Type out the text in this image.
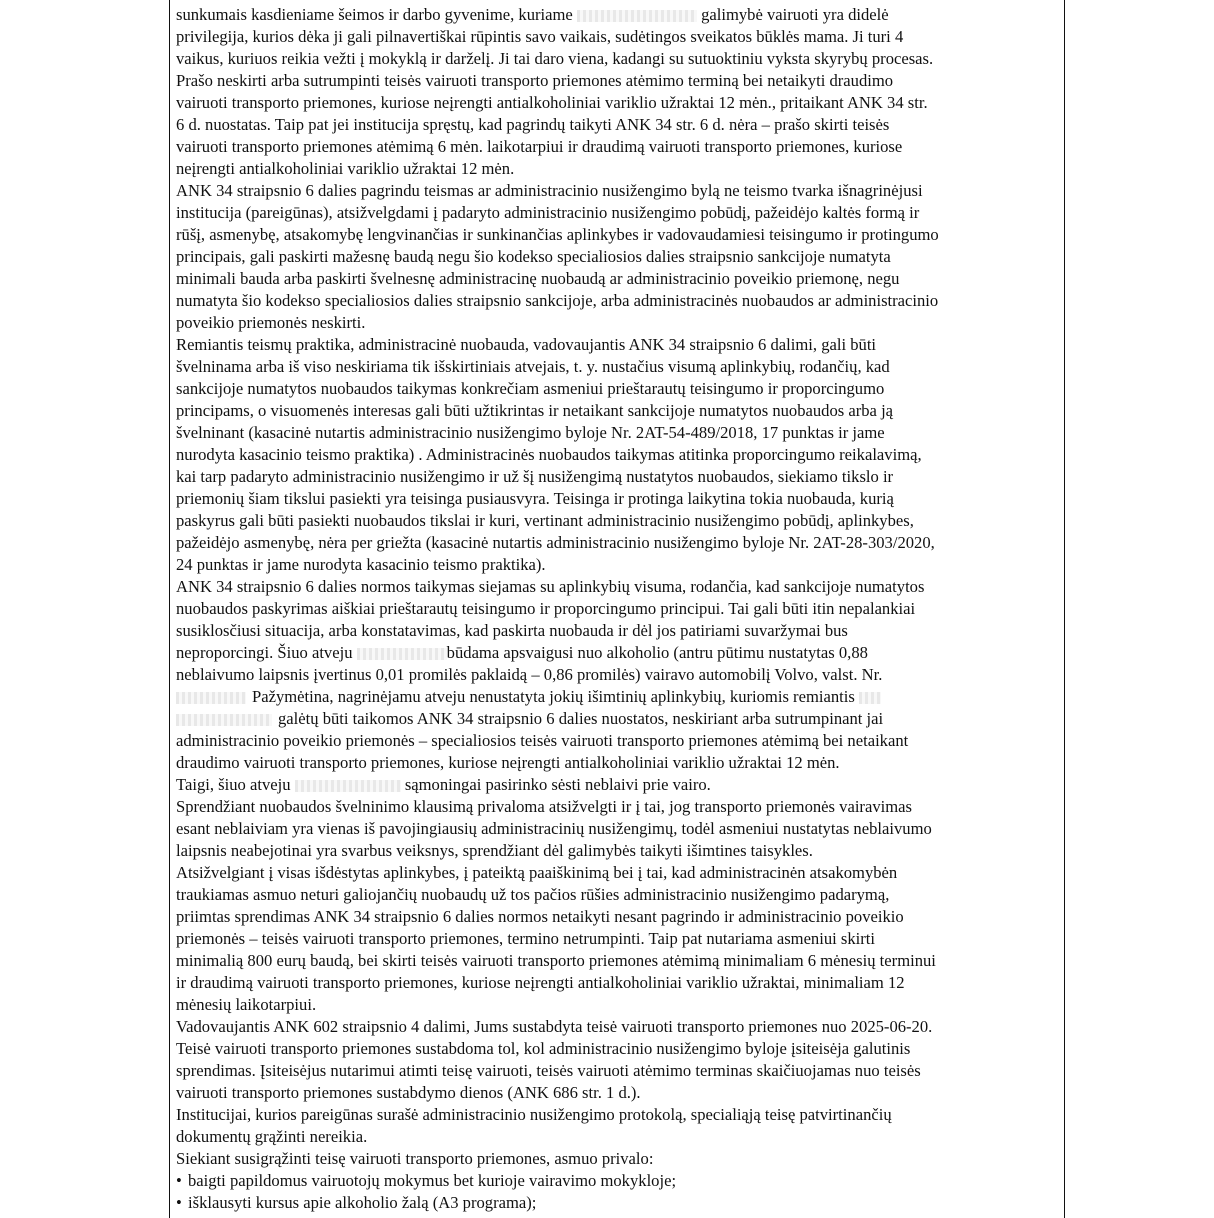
sunkumais kasdieniame šeimos ir darbo gyvenime, kuriame	galimybė vairuoti yra didelė
privilegija, kurios dėka ji gali pilnavertiškai rūpintis savo vaikais, sudėtingos sveikatos būklės mama. Ji turi 4
vaikus, kuriuos reikia vežti į mokyklą ir darželį. Ji tai daro viena, kadangi su sutuoktiniu vyksta skyrybų procesas.
Prašo neskirti arba sutrumpinti teisės vairuoti transporto priemones atėmimo terminą bei netaikyti draudimo
vairuoti transporto priemones, kuriose neįrengti antialkoholiniai variklio užraktai 12 mėn., pritaikant ANK 34 str.
6 d. nuostatas. Taip pat jei institucija spręstų, kad pagrindų taikyti ANK 34 str. 6 d. nėra – prašo skirti teisės
vairuoti transporto priemones atėmimą 6 mėn. laikotarpiui ir draudimą vairuoti transporto priemones, kuriose
neįrengti antialkoholiniai variklio užraktai 12 mėn.

ANK 34 straipsnio 6 dalies pagrindu teismas ar administracinio nusižengimo bylą ne teismo tvarka išnagrinėjusi
institucija (pareigūnas), atsižvelgdami į padaryto administracinio nusižengimo pobūdį, pažeidėjo kaltės formą ir
rūšį, asmenybę, atsakomybę lengvinančias ir sunkinančias aplinkybes ir vadovaudamiesi teisingumo ir protingumo
principais, gali paskirti mažesnę baudą negu šio kodekso specialiosios dalies straipsnio sankcijoje numatyta
minimali bauda arba paskirti švelnesnę administracinę nuobaudą ar administracinio poveikio priemonę, negu
numatyta šio kodekso specialiosios dalies straipsnio sankcijoje, arba administracinės nuobaudos ar administracinio
poveikio priemonės neskirti.

Remiantis teismų praktika, administracinė nuobauda, vadovaujantis ANK 34 straipsnio 6 dalimi, gali būti
švelninama arba iš viso neskiriama tik išskirtiniais atvejais, t. y. nustačius visumą aplinkybių, rodančių, kad
sankcijoje numatytos nuobaudos taikymas konkrečiam asmeniui prieštarautų teisingumo ir proporcingumo
principams, o visuomenės interesas gali būti užtikrintas ir netaikant sankcijoje numatytos nuobaudos arba ją
švelninant (kasacinė nutartis administracinio nusižengimo byloje Nr. 2AT-54-489/2018, 17 punktas ir jame
nurodyta kasacinio teismo praktika) . Administracinės nuobaudos taikymas atitinka proporcingumo reikalavimą,
kai tarp padaryto administracinio nusižengimo ir už šį nusižengimą nustatytos nuobaudos, siekiamo tikslo ir
priemonių šiam tikslui pasiekti yra teisinga pusiausvyra. Teisinga ir protinga laikytina tokia nuobauda, kurią
paskyrus gali būti pasiekti nuobaudos tikslai ir kuri, vertinant administracinio nusižengimo pobūdį, aplinkybes,
pažeidėjo asmenybę, nėra per griežta (kasacinė nutartis administracinio nusižengimo byloje Nr. 2AT-28-303/2020,
24 punktas ir jame nurodyta kasacinio teismo praktika).

ANK 34 straipsnio 6 dalies normos taikymas siejamas su aplinkybių visuma, rodančia, kad sankcijoje numatytos
nuobaudos paskyrimas aiškiai prieštarautų teisingumo ir proporcingumo principui. Tai gali būti itin nepalankiai
susiklosčiusi situacija, arba konstatavimas, kad paskirta nuobauda ir dėl jos patiriami suvaržymai bus
neproporcingi. Šiuo atveju	būdama apsvaigusi nuo alkoholio (antru pūtimu nustatytas 0,88
neblaivumo laipsnis įvertinus 0,01 promilės paklaidą – 0,86 promilės) vairavo automobilį Volvo, valst. Nr.
Pažymėtina, nagrinėjamu atveju nenustatyta jokių išimtinių aplinkybių, kuriomis remiantis
galėtų būti taikomos ANK 34 straipsnio 6 dalies nuostatos, neskiriant arba sutrumpinant jai
administracinio poveikio priemonės – specialiosios teisės vairuoti transporto priemones atėmimą bei netaikant
draudimo vairuoti transporto priemones, kuriose neįrengti antialkoholiniai variklio užraktai 12 mėn.

Taigi, šiuo atveju	sąmoningai pasirinko sėsti neblaivi prie vairo.

Sprendžiant nuobaudos švelninimo klausimą privaloma atsižvelgti ir į tai, jog transporto priemonės vairavimas
esant neblaiviam yra vienas iš pavojingiausių administracinių nusižengimų, todėl asmeniui nustatytas neblaivumo
laipsnis neabejotinai yra svarbus veiksnys, sprendžiant dėl galimybės taikyti išimtines taisykles.

Atsižvelgiant į visas išdėstytas aplinkybes, į pateiktą paaiškinimą bei į tai, kad administracinėn atsakomybėn
traukiamas asmuo neturi galiojančių nuobaudų už tos pačios rūšies administracinio nusižengimo padarymą,
priimtas sprendimas ANK 34 straipsnio 6 dalies normos netaikyti nesant pagrindo ir administracinio poveikio
priemonės – teisės vairuoti transporto priemones, termino netrumpinti. Taip pat nutariama asmeniui skirti
minimalią 800 eurų baudą, bei skirti teisės vairuoti transporto priemones atėmimą minimaliam 6 mėnesių terminui
ir draudimą vairuoti transporto priemones, kuriose neįrengti antialkoholiniai variklio užraktai, minimaliam 12
mėnesių laikotarpiui.

Vadovaujantis ANK 602 straipsnio 4 dalimi, Jums sustabdyta teisė vairuoti transporto priemones nuo 2025-06-20.
Teisė vairuoti transporto priemones sustabdoma tol, kol administracinio nusižengimo byloje įsiteisėja galutinis
sprendimas. Įsiteisėjus nutarimui atimti teisę vairuoti, teisės vairuoti atėmimo terminas skaičiuojamas nuo teisės
vairuoti transporto priemones sustabdymo dienos (ANK 686 str. 1 d.).

Institucijai, kurios pareigūnas surašė administracinio nusižengimo protokolą, specialiąją teisę patvirtinančių
dokumentų grąžinti nereikia.

Siekiant susigrąžinti teisę vairuoti transporto priemones, asmuo privalo:

• baigti papildomus vairuotojų mokymus bet kurioje vairavimo mokykloje;
• išklausyti kursus apie alkoholio žalą (A3 programa);
